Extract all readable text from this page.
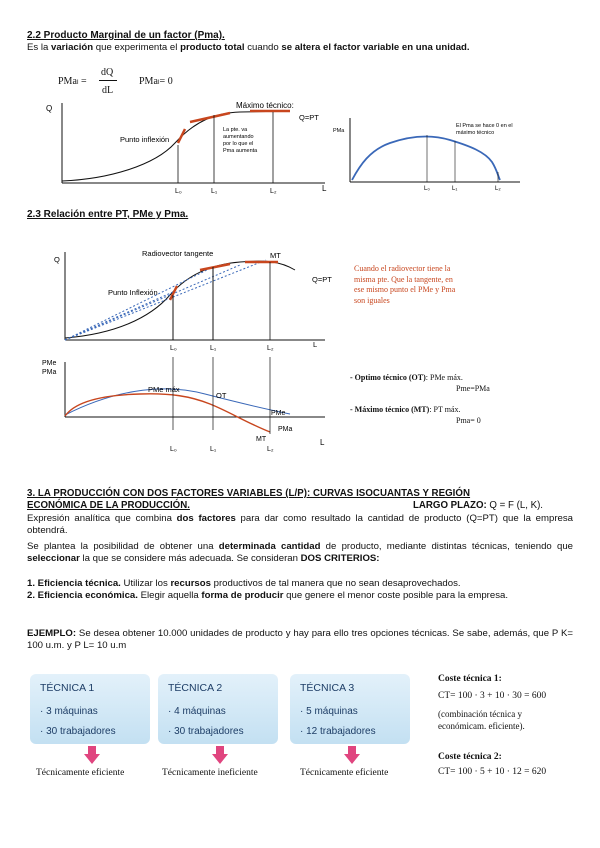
2.2 Producto Marginal de un factor (Pma).
Es la variación que experimenta el producto total cuando se altera el factor variable en una unidad.
PMaₗ =
dQ
dL
PMaₗ= 0
Q
L
Máximo técnico:
Q=PT
Punto inflexión
La pte. va
aumentando
por lo que el
Pma aumenta
L₀	L₁	L₂
PMa
El Pma se hace 0 en el
máximo técnico
L₀	L₁	L₂
2.3 Relación entre PT, PMe y Pma.
Q
L
Radiovector tangente	MT
Q=PT
Punto Inflexión
L₀	L₁	L₂
Cuando el radiovector tiene la
misma pte. Que la tangente, en
ese mismo punto el PMe y Pma
son iguales
PMe
PMa
PMe máx
OT
PMe
PMa
MT
L₀	L₁	L₂
L
- Optimo técnico (OT): PMe máx.
Pme=PMa
- Máximo técnico (MT): PT máx.
Pma= 0
3. LA PRODUCCIÓN CON DOS FACTORES VARIABLES (L/P): CURVAS ISOCUANTAS Y REGIÓN
ECONÓMICA DE LA PRODUCCIÓN.	LARGO PLAZO: Q = F (L, K).
Expresión analítica que combina dos factores para dar como resultado la cantidad de producto (Q=PT) que la empresa obtendrá.
Se plantea la posibilidad de obtener una determinada cantidad de producto, mediante distintas técnicas, teniendo que seleccionar la que se considere más adecuada. Se consideran DOS CRITERIOS:
1. Eficiencia técnica. Utilizar los recursos productivos de tal manera que no sean desaprovechados.
2. Eficiencia económica. Elegir aquella forma de producir que genere el menor coste posible para la empresa.
EJEMPLO: Se desea obtener 10.000 unidades de producto y hay para ello tres opciones técnicas. Se sabe, además, que P K= 100 u.m. y P L= 10 u.m
TÉCNICA 1
· 3 máquinas
· 30 trabajadores
TÉCNICA 2
· 4 máquinas
· 30 trabajadores
TÉCNICA 3
· 5 máquinas
· 12 trabajadores
Técnicamente eficiente	Técnicamente ineficiente	Técnicamente eficiente
Coste técnica 1:
CT= 100 · 3 + 10 · 30 = 600
(combinación técnica y
económicam. eficiente).
Coste técnica 2:
CT= 100 · 5 + 10 · 12 = 620
